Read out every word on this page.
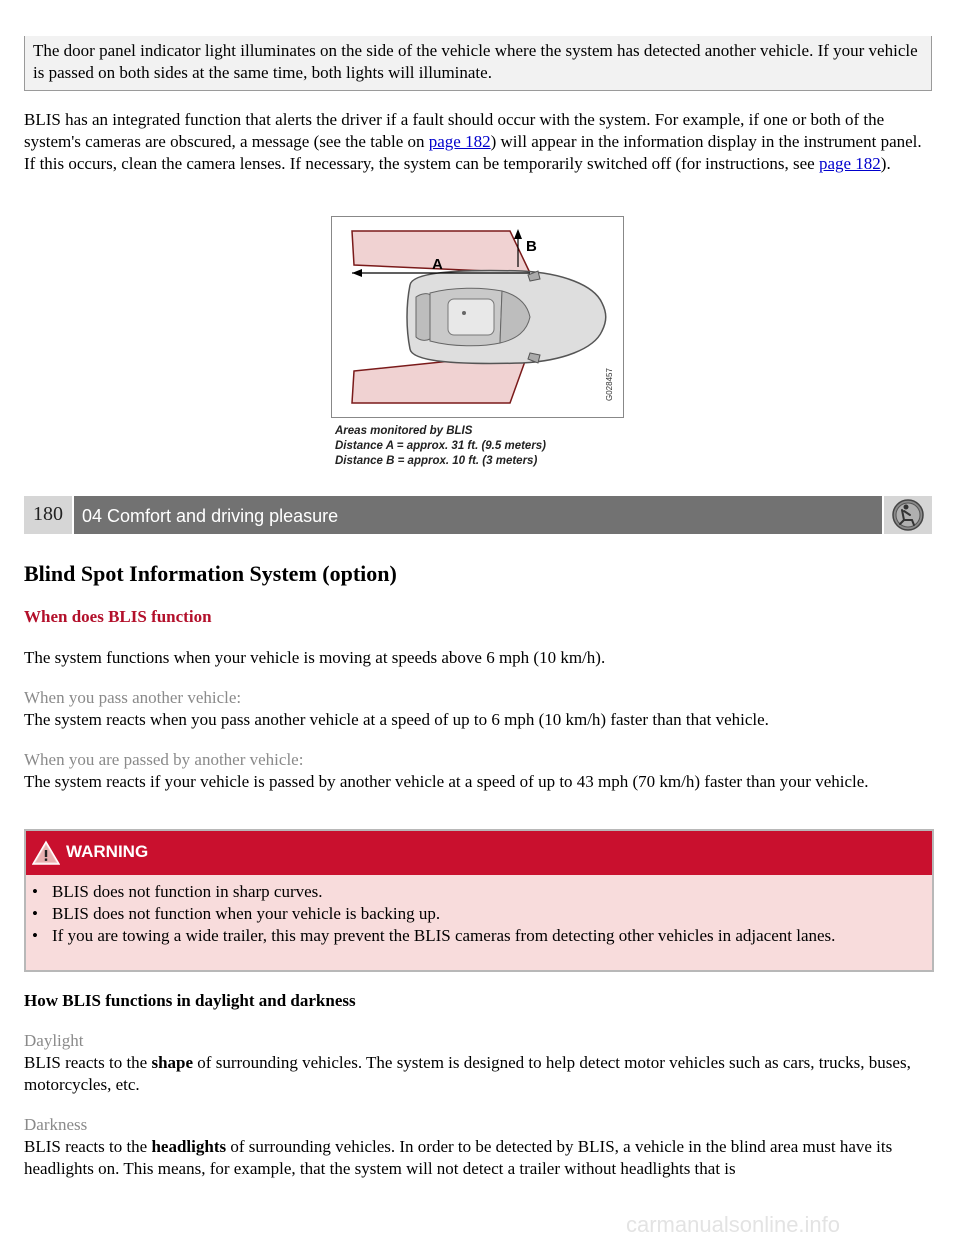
The door panel indicator light illuminates on the side of the vehicle where the system has detected another vehicle. If your vehicle is passed on both sides at the same time, both lights will illuminate.

BLIS has an integrated function that alerts the driver if a fault should occur with the system. For example, if one or both of the system's cameras are obscured, a message (see the table on page 182) will appear in the information display in the instrument panel. If this occurs, clean the camera lenses. If necessary, the system can be temporarily switched off (for instructions, see page 182).

A
B
G028457
Areas monitored by BLIS
Distance A = approx. 31 ft. (9.5 meters)
Distance B = approx. 10 ft. (3 meters)
180	04 Comfort and driving pleasure
Blind Spot Information System (option)
When does BLIS function

The system functions when your vehicle is moving at speeds above 6 mph (10 km/h).

When you pass another vehicle:

The system reacts when you pass another vehicle at a speed of up to 6 mph (10 km/h) faster than that vehicle.

When you are passed by another vehicle:

The system reacts if your vehicle is passed by another vehicle at a speed of up to 43 mph (70 km/h) faster than your vehicle.

WARNING
• BLIS does not function in sharp curves.
• BLIS does not function when your vehicle is backing up.
• If you are towing a wide trailer, this may prevent the BLIS cameras from detecting other vehicles in adjacent lanes.
How BLIS functions in daylight and darkness
Daylight

BLIS reacts to the shape of surrounding vehicles. The system is designed to help detect motor vehicles such as cars, trucks, buses, motorcycles, etc.

Darkness

BLIS reacts to the headlights of surrounding vehicles. In order to be detected by BLIS, a vehicle in the blind area must have its headlights on. This means, for example, that the system will not detect a trailer without headlights that is

carmanualsonline.info
